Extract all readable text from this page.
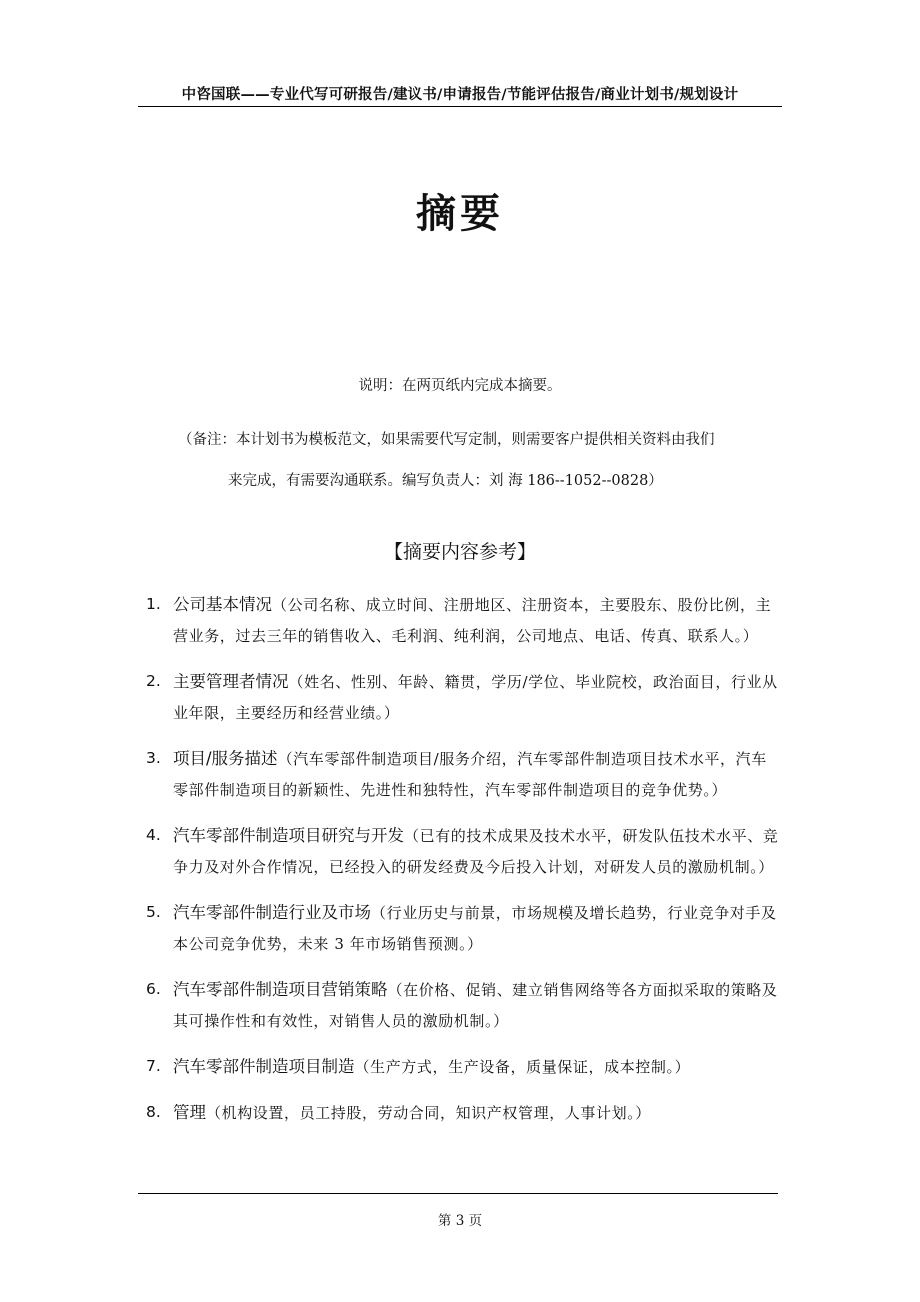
中咨国联——专业代写可研报告/建议书/申请报告/节能评估报告/商业计划书/规划设计
摘要
说明：在两页纸内完成本摘要。
（备注：本计划书为模板范文，如果需要代写定制，则需要客户提供相关资料由我们
来完成，有需要沟通联系。编写负责人：刘 海 186--1052--0828）
【摘要内容参考】
1. 公司基本情况（公司名称、成立时间、注册地区、注册资本，主要股东、股份比例，主营业务，过去三年的销售收入、毛利润、纯利润，公司地点、电话、传真、联系人。）
2. 主要管理者情况（姓名、性别、年龄、籍贯，学历/学位、毕业院校，政治面目，行业从业年限，主要经历和经营业绩。）
3. 项目/服务描述（汽车零部件制造项目/服务介绍，汽车零部件制造项目技术水平，汽车零部件制造项目的新颖性、先进性和独特性，汽车零部件制造项目的竞争优势。）
4. 汽车零部件制造项目研究与开发（已有的技术成果及技术水平，研发队伍技术水平、竞争力及对外合作情况，已经投入的研发经费及今后投入计划，对研发人员的激励机制。）
5. 汽车零部件制造行业及市场（行业历史与前景，市场规模及增长趋势，行业竞争对手及本公司竞争优势，未来 3 年市场销售预测。）
6. 汽车零部件制造项目营销策略（在价格、促销、建立销售网络等各方面拟采取的策略及其可操作性和有效性，对销售人员的激励机制。）
7. 汽车零部件制造项目制造（生产方式，生产设备，质量保证，成本控制。）
8. 管理（机构设置，员工持股，劳动合同，知识产权管理，人事计划。）
第 3 页
